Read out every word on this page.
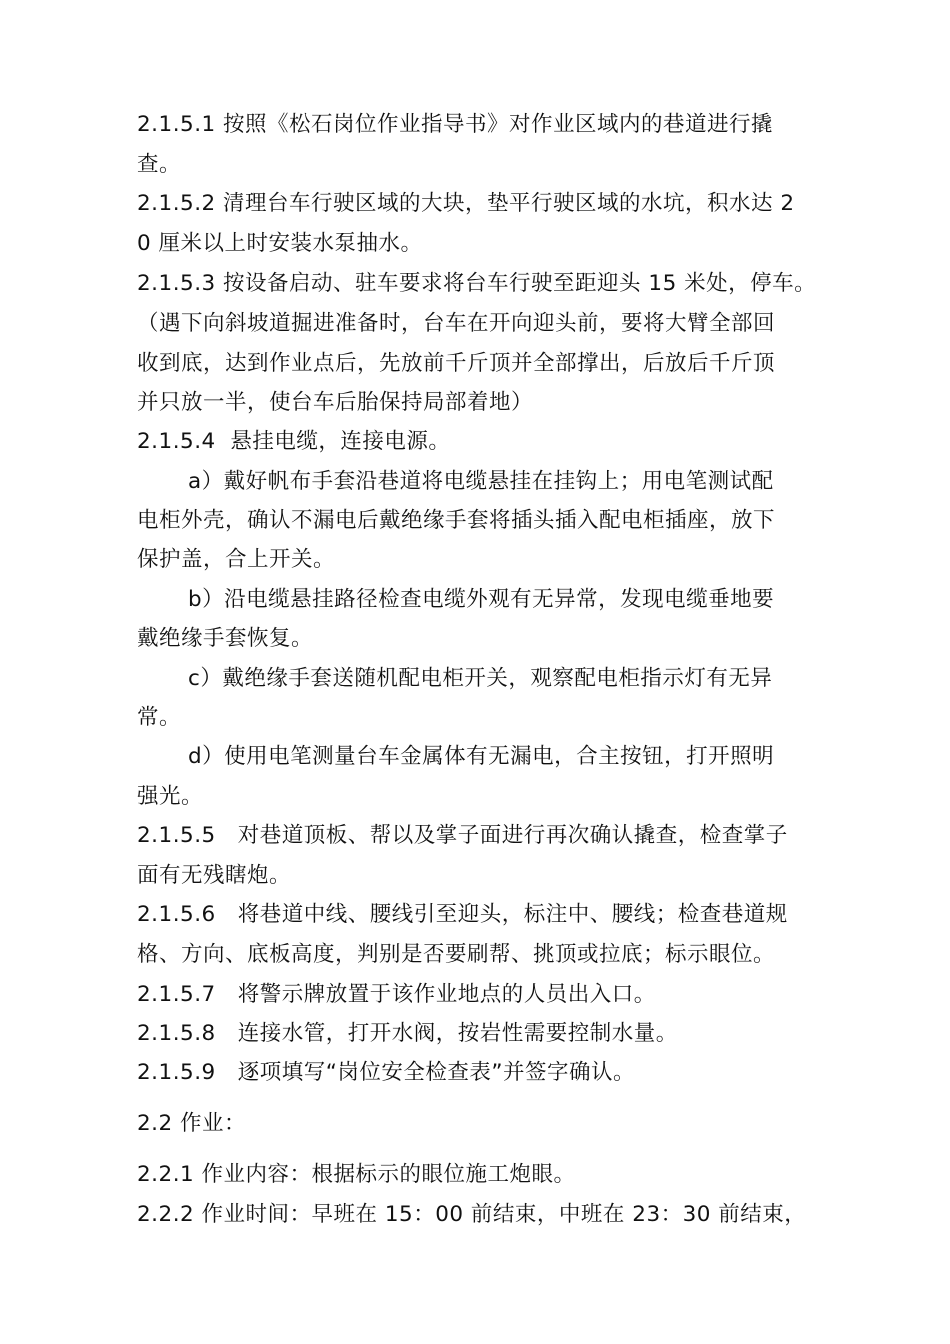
2.1.5.1 按照《松石岗位作业指导书》对作业区域内的巷道进行撬
查。
2.1.5.2 清理台车行驶区域的大块，垫平行驶区域的水坑，积水达 2
0 厘米以上时安装水泵抽水。
2.1.5.3 按设备启动、驻车要求将台车行驶至距迎头 15 米处，停车。
（遇下向斜坡道掘进准备时，台车在开向迎头前，要将大臂全部回
收到底，达到作业点后，先放前千斤顶并全部撑出，后放后千斤顶
并只放一半，使台车后胎保持局部着地）
2.1.5.4  悬挂电缆，连接电源。
a）戴好帆布手套沿巷道将电缆悬挂在挂钩上；用电笔测试配
电柜外壳，确认不漏电后戴绝缘手套将插头插入配电柜插座，放下
保护盖，合上开关。
b）沿电缆悬挂路径检查电缆外观有无异常，发现电缆垂地要
戴绝缘手套恢复。
c）戴绝缘手套送随机配电柜开关，观察配电柜指示灯有无异
常。
d）使用电笔测量台车金属体有无漏电，合主按钮，打开照明
强光。
2.1.5.5   对巷道顶板、帮以及掌子面进行再次确认撬查，检查掌子
面有无残瞎炮。
2.1.5.6   将巷道中线、腰线引至迎头，标注中、腰线；检查巷道规
格、方向、底板高度，判别是否要刷帮、挑顶或拉底；标示眼位。
2.1.5.7   将警示牌放置于该作业地点的人员出入口。
2.1.5.8   连接水管，打开水阀，按岩性需要控制水量。
2.1.5.9   逐项填写“岗位安全检查表”并签字确认。
2.2 作业：
2.2.1 作业内容：根据标示的眼位施工炮眼。
2.2.2 作业时间：早班在 15：00 前结束，中班在 23：30 前结束，
